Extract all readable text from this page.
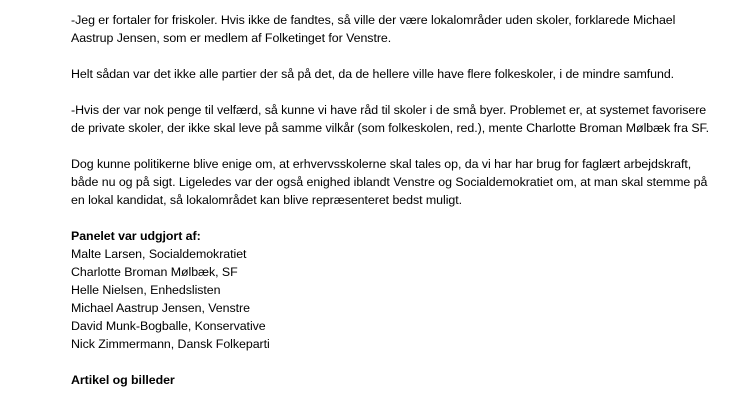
-Jeg er fortaler for friskoler. Hvis ikke de fandtes, så ville der være lokalområder uden skoler, forklarede Michael Aastrup Jensen, som er medlem af Folketinget for Venstre.

Helt sådan var det ikke alle partier der så på det, da de hellere ville have flere folkeskoler, i de mindre samfund.

-Hvis der var nok penge til velfærd, så kunne vi have råd til skoler i de små byer. Problemet er, at systemet favorisere de private skoler, der ikke skal leve på samme vilkår (som folkeskolen, red.), mente Charlotte Broman Mølbæk fra SF.

Dog kunne politikerne blive enige om, at erhvervsskolerne skal tales op, da vi har har brug for faglært arbejdskraft, både nu og på sigt. Ligeledes var der også enighed iblandt Venstre og Socialdemokratiet om, at man skal stemme på en lokal kandidat, så lokalområdet kan blive repræsenteret bedst muligt.

Panelet var udgjort af:

Malte Larsen, Socialdemokratiet
Charlotte Broman Mølbæk, SF
Helle Nielsen, Enhedslisten
Michael Aastrup Jensen, Venstre
David Munk-Bogballe, Konservative
Nick Zimmermann, Dansk Folkeparti

Artikel og billeder
